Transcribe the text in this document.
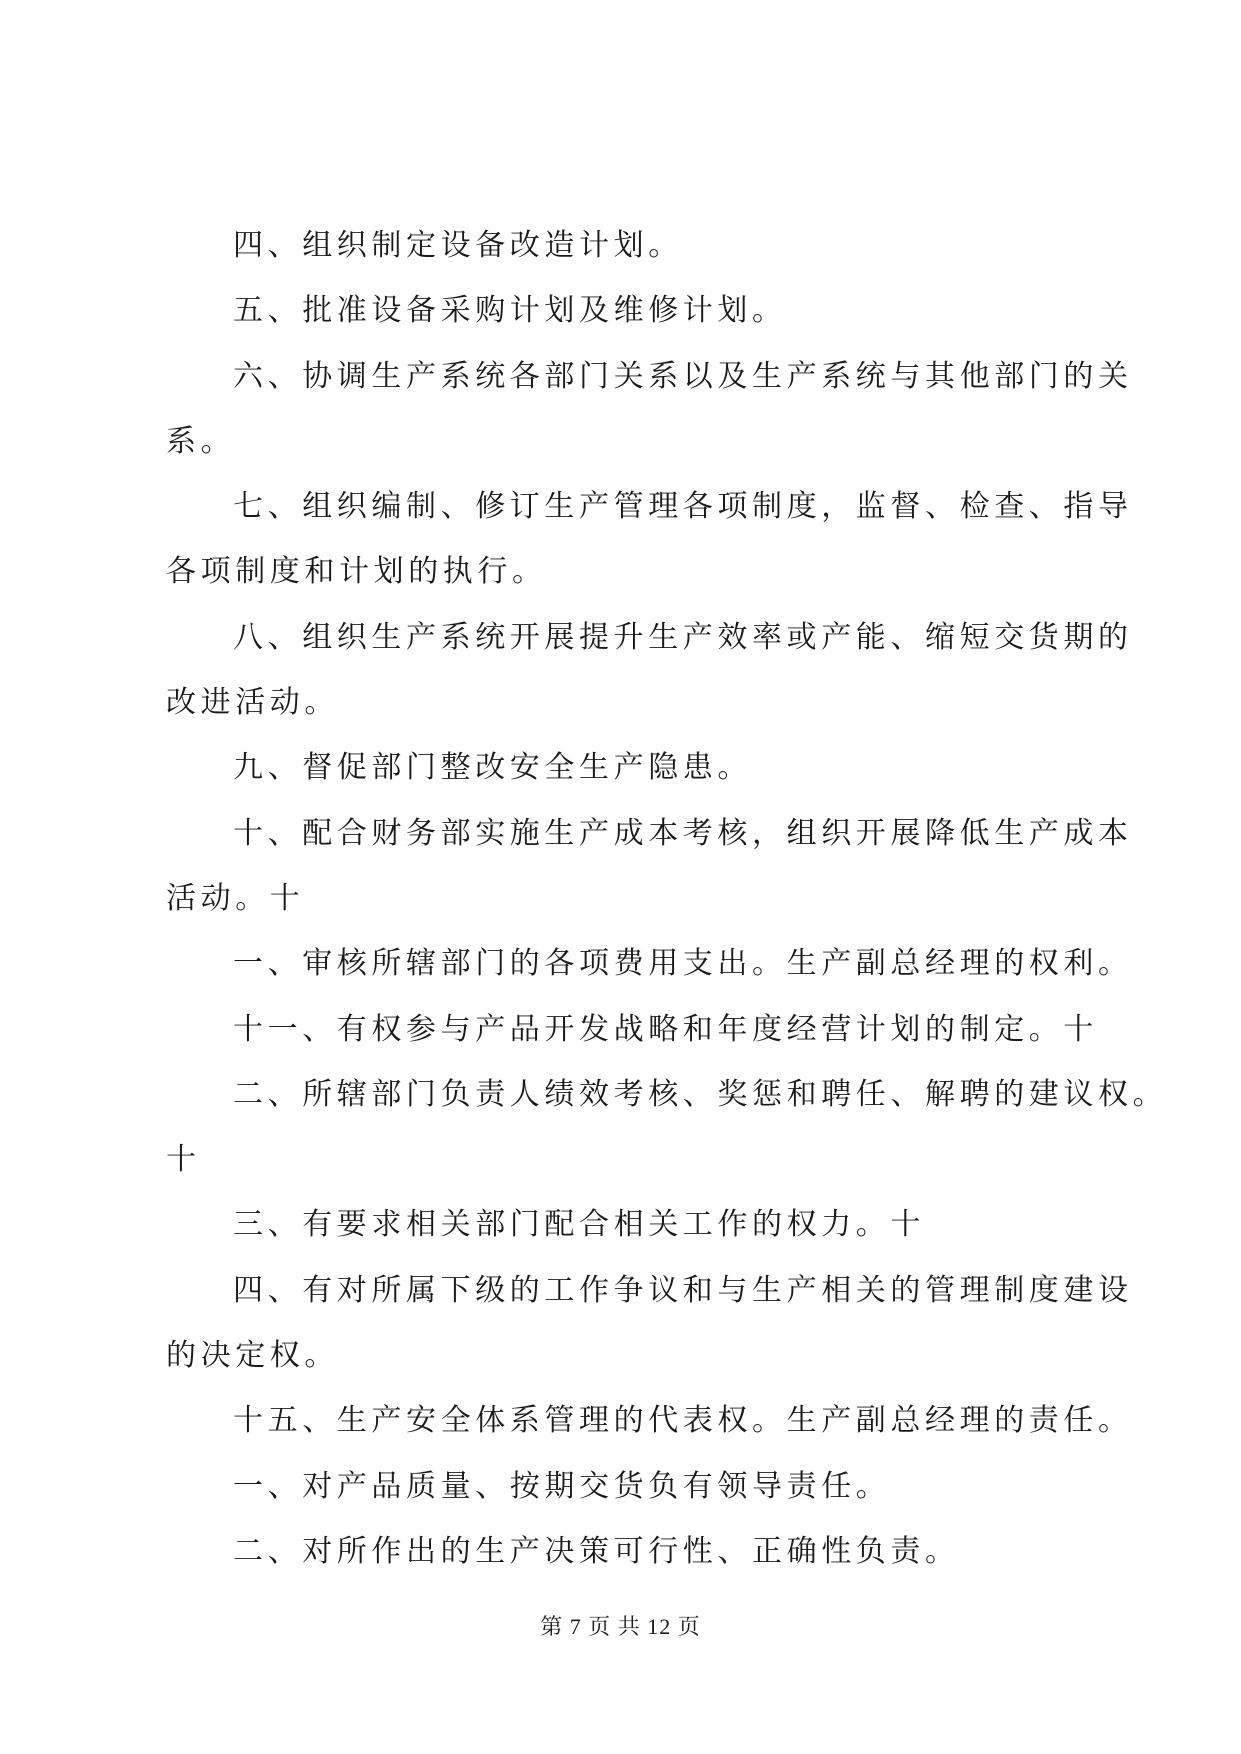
四、组织制定设备改造计划。
五、批准设备采购计划及维修计划。
六、协调生产系统各部门关系以及生产系统与其他部门的关
系。
七、组织编制、修订生产管理各项制度，监督、检查、指导
各项制度和计划的执行。
八、组织生产系统开展提升生产效率或产能、缩短交货期的
改进活动。
九、督促部门整改安全生产隐患。
十、配合财务部实施生产成本考核，组织开展降低生产成本
活动。十
一、审核所辖部门的各项费用支出。生产副总经理的权利。
十一、有权参与产品开发战略和年度经营计划的制定。十
二、所辖部门负责人绩效考核、奖惩和聘任、解聘的建议权。
十
三、有要求相关部门配合相关工作的权力。十
四、有对所属下级的工作争议和与生产相关的管理制度建设
的决定权。
十五、生产安全体系管理的代表权。生产副总经理的责任。
一、对产品质量、按期交货负有领导责任。
二、对所作出的生产决策可行性、正确性负责。
第 7 页 共 12 页
